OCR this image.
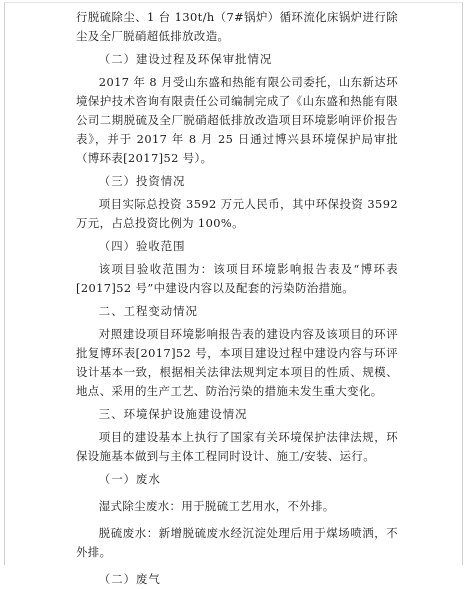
行脱硫除尘、1 台 130t/h（7#锅炉）循环流化床锅炉进行除尘及全厂脱硝超低排放改造。

（二）建设过程及环保审批情况

2017 年 8 月受山东盛和热能有限公司委托，山东新达环境保护技术咨询有限责任公司编制完成了《山东盛和热能有限公司二期脱硫及全厂脱硝超低排放改造项目环境影响评价报告表》，并于 2017 年 8 月 25 日通过博兴县环境保护局审批（博环表[2017]52 号）。

（三）投资情况

项目实际总投资 3592 万元人民币，其中环保投资 3592 万元，占总投资比例为 100%。

（四）验收范围

该项目验收范围为：该项目环境影响报告表及“博环表[2017]52 号”中建设内容以及配套的污染防治措施。

二、工程变动情况

对照建设项目环境影响报告表的建设内容及该项目的环评批复博环表[2017]52 号，本项目建设过程中建设内容与环评设计基本一致，根据相关法律法规判定本项目的性质、规模、地点、采用的生产工艺、防治污染的措施未发生重大变化。

三、环境保护设施建设情况

项目的建设基本上执行了国家有关环境保护法律法规，环保设施基本做到与主体工程同时设计、施工/安装、运行。

（一）废水

湿式除尘废水：用于脱硫工艺用水，不外排。

脱硫废水：新增脱硫废水经沉淀处理后用于煤场喷洒，不外排。

（二）废气
